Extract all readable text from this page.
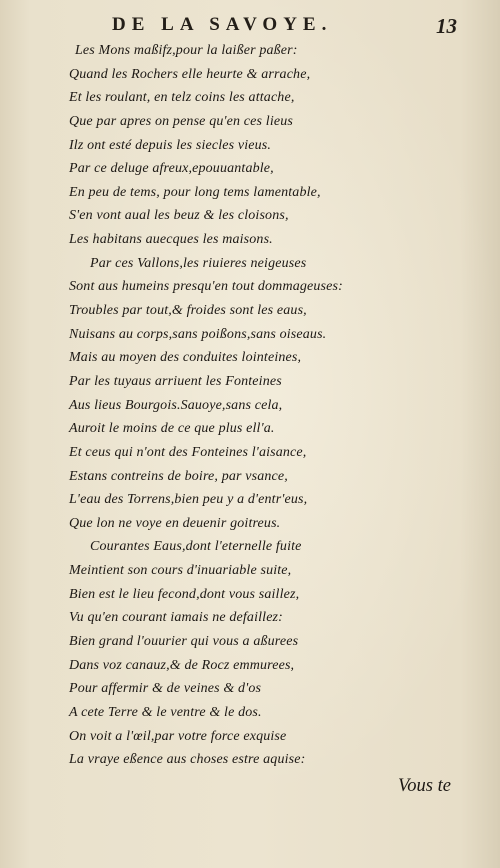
DE LA SAVOYE.	13
Les Mons maßifz,pour la laißer paßer:
Quand les Rochers elle heurte & arrache,
Et les roulant, en telz coins les attache,
Que par apres on pense qu'en ces lieus
Ilz ont esté depuis les siecles vieus.
Par ce deluge afreux,epouuantable,
En peu de tems, pour long tems lamentable,
S'en vont aual les beuz & les cloisons,
Les habitans auecques les maisons.
Par ces Vallons,les riuieres neigeuses
Sont aus humeins presqu'en tout dommageuses:
Troubles par tout,& froides sont les eaus,
Nuisans au corps,sans poißons,sans oiseaus.
Mais au moyen des conduites lointeines,
Par les tuyaus arriuent les Fonteines
Aus lieus Bourgois.Sauoye,sans cela,
Auroit le moins de ce que plus ell'a.
Et ceus qui n'ont des Fonteines l'aisance,
Estans contreins de boire, par vsance,
L'eau des Torrens,bien peu y a d'entr'eus,
Que lon ne voye en deuenir goitreus.
Courantes Eaus,dont l'eternelle fuite
Meintient son cours d'inuariable suite,
Bien est le lieu fecond,dont vous saillez,
Vu qu'en courant iamais ne defaillez:
Bien grand l'ouurier qui vous a aßurees
Dans voz canauz,& de Rocz emmurees,
Pour affermir & de veines & d'os
A cete Terre & le ventre & le dos.
On voit a l'œil,par votre force exquise
La vraye eßence aus choses estre aquise:
Vous te
